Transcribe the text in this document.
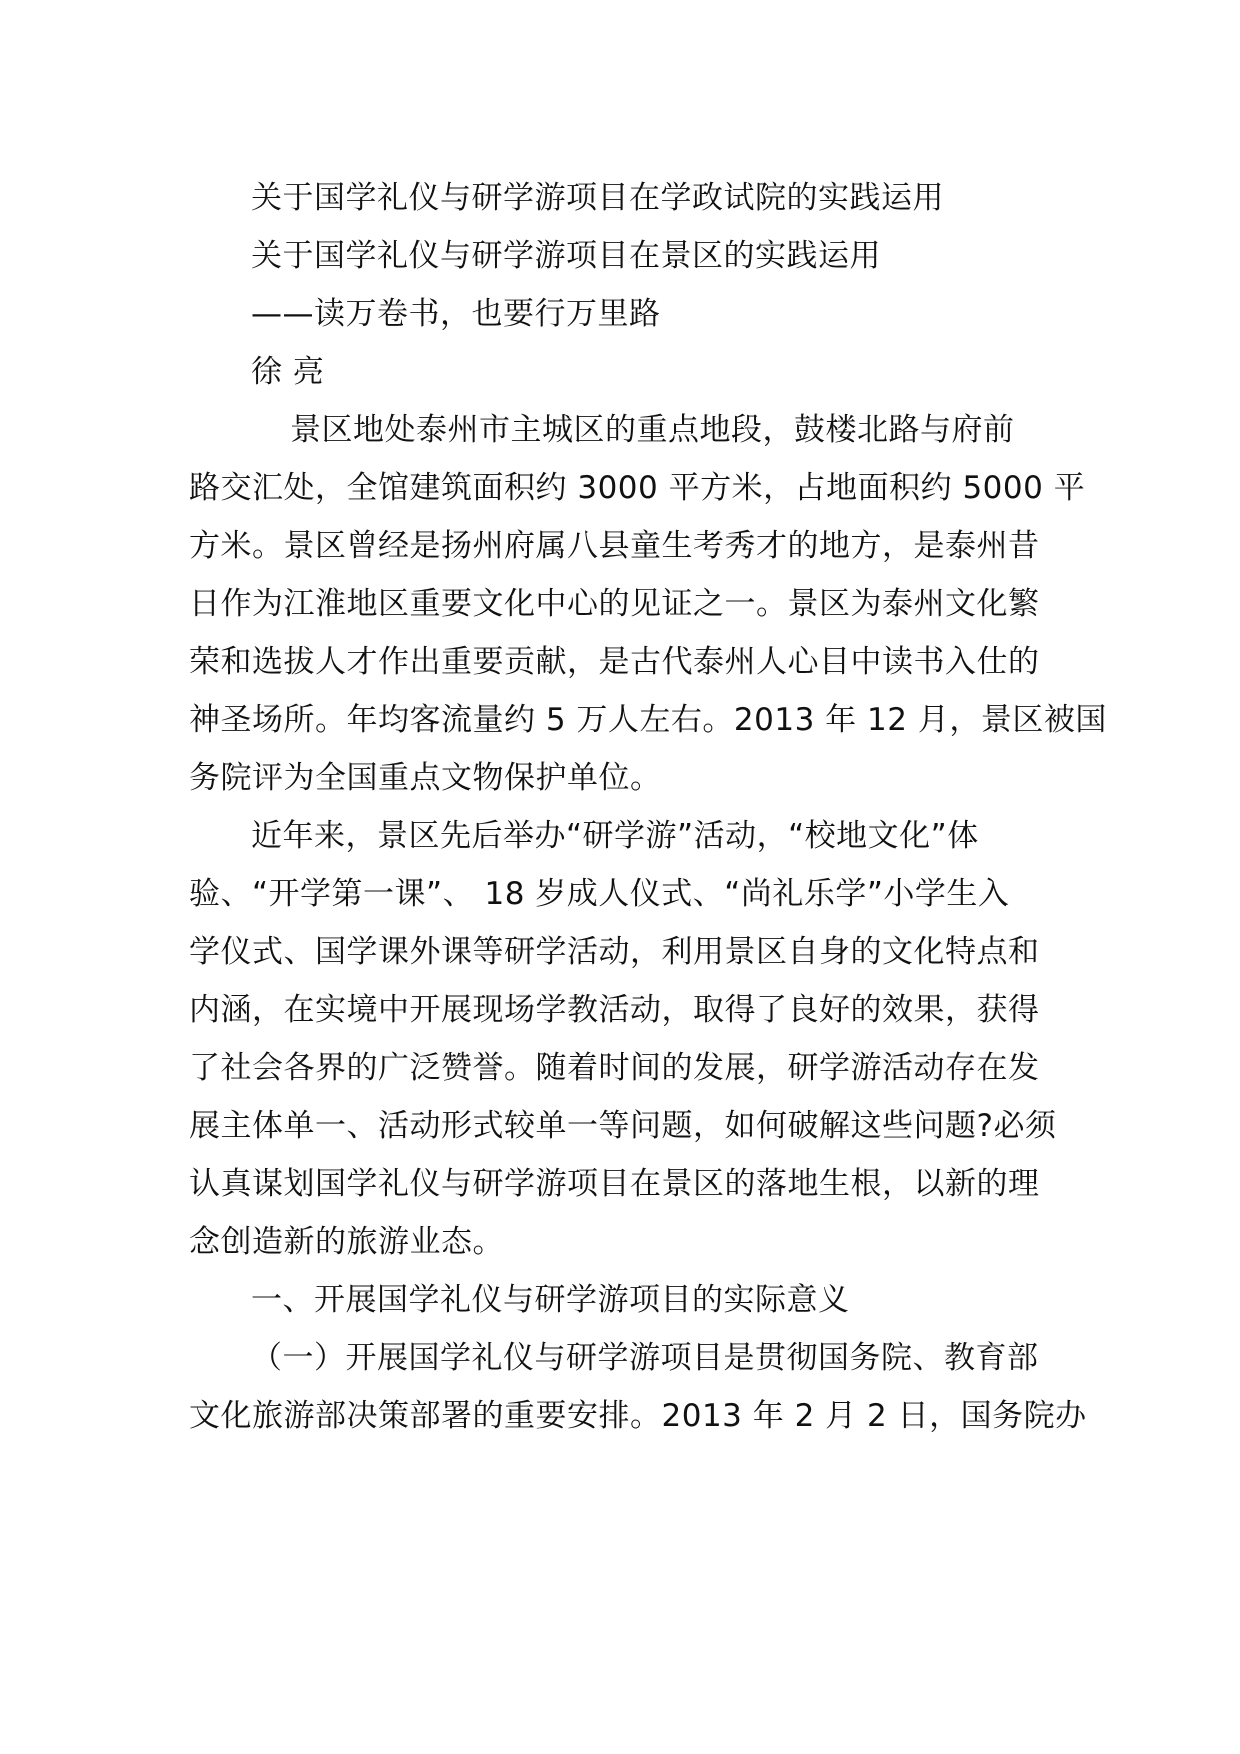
关于国学礼仪与研学游项目在学政试院的实践运用
关于国学礼仪与研学游项目在景区的实践运用
——读万卷书，也要行万里路
徐 亮
景区地处泰州市主城区的重点地段，鼓楼北路与府前
路交汇处，全馆建筑面积约 3000 平方米，占地面积约 5000 平
方米。景区曾经是扬州府属八县童生考秀才的地方，是泰州昔
日作为江淮地区重要文化中心的见证之一。景区为泰州文化繁
荣和选拔人才作出重要贡献，是古代泰州人心目中读书入仕的
神圣场所。年均客流量约 5 万人左右。2013 年 12 月，景区被国
务院评为全国重点文物保护单位。
近年来，景区先后举办“研学游”活动，“校地文化”体
验、“开学第一课”、 18 岁成人仪式、“尚礼乐学”小学生入
学仪式、国学课外课等研学活动，利用景区自身的文化特点和
内涵，在实境中开展现场学教活动，取得了良好的效果，获得
了社会各界的广泛赞誉。随着时间的发展，研学游活动存在发
展主体单一、活动形式较单一等问题，如何破解这些问题?必须
认真谋划国学礼仪与研学游项目在景区的落地生根，以新的理
念创造新的旅游业态。
一、开展国学礼仪与研学游项目的实际意义
（一）开展国学礼仪与研学游项目是贯彻国务院、教育部
文化旅游部决策部署的重要安排。2013 年 2 月 2 日，国务院办
